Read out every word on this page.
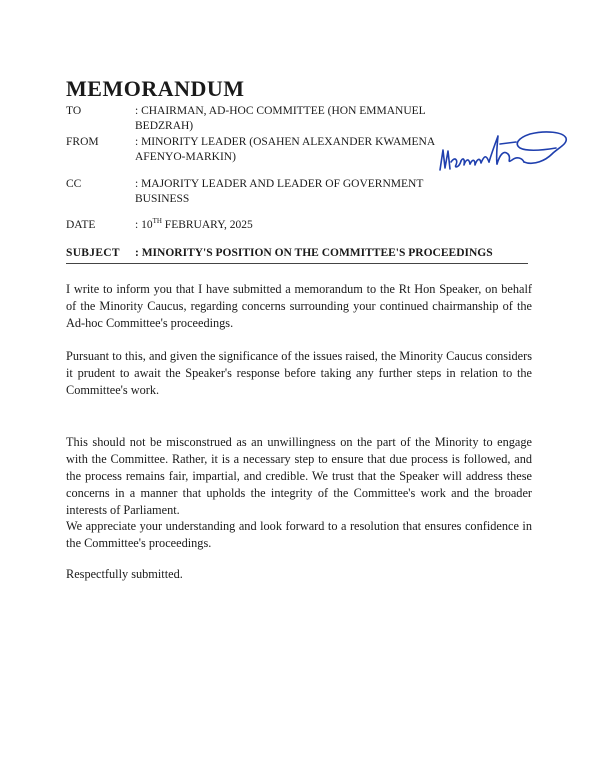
MEMORANDUM
TO	: CHAIRMAN, AD-HOC COMMITTEE (HON EMMANUEL BEDZRAH)
FROM	: MINORITY LEADER (OSAHEN ALEXANDER KWAMENA AFENYO-MARKIN)
CC	: MAJORITY LEADER AND LEADER OF GOVERNMENT BUSINESS
DATE	: 10TH FEBRUARY, 2025
SUBJECT	: MINORITY'S POSITION ON THE COMMITTEE'S PROCEEDINGS

I write to inform you that I have submitted a memorandum to the Rt Hon Speaker, on behalf of the Minority Caucus, regarding concerns surrounding your continued chairmanship of the Ad-hoc Committee's proceedings.

Pursuant to this, and given the significance of the issues raised, the Minority Caucus considers it prudent to await the Speaker's response before taking any further steps in relation to the Committee's work.

This should not be misconstrued as an unwillingness on the part of the Minority to engage with the Committee. Rather, it is a necessary step to ensure that due process is followed, and the process remains fair, impartial, and credible. We trust that the Speaker will address these concerns in a manner that upholds the integrity of the Committee's work and the broader interests of Parliament.

We appreciate your understanding and look forward to a resolution that ensures confidence in the Committee's proceedings.

Respectfully submitted.
